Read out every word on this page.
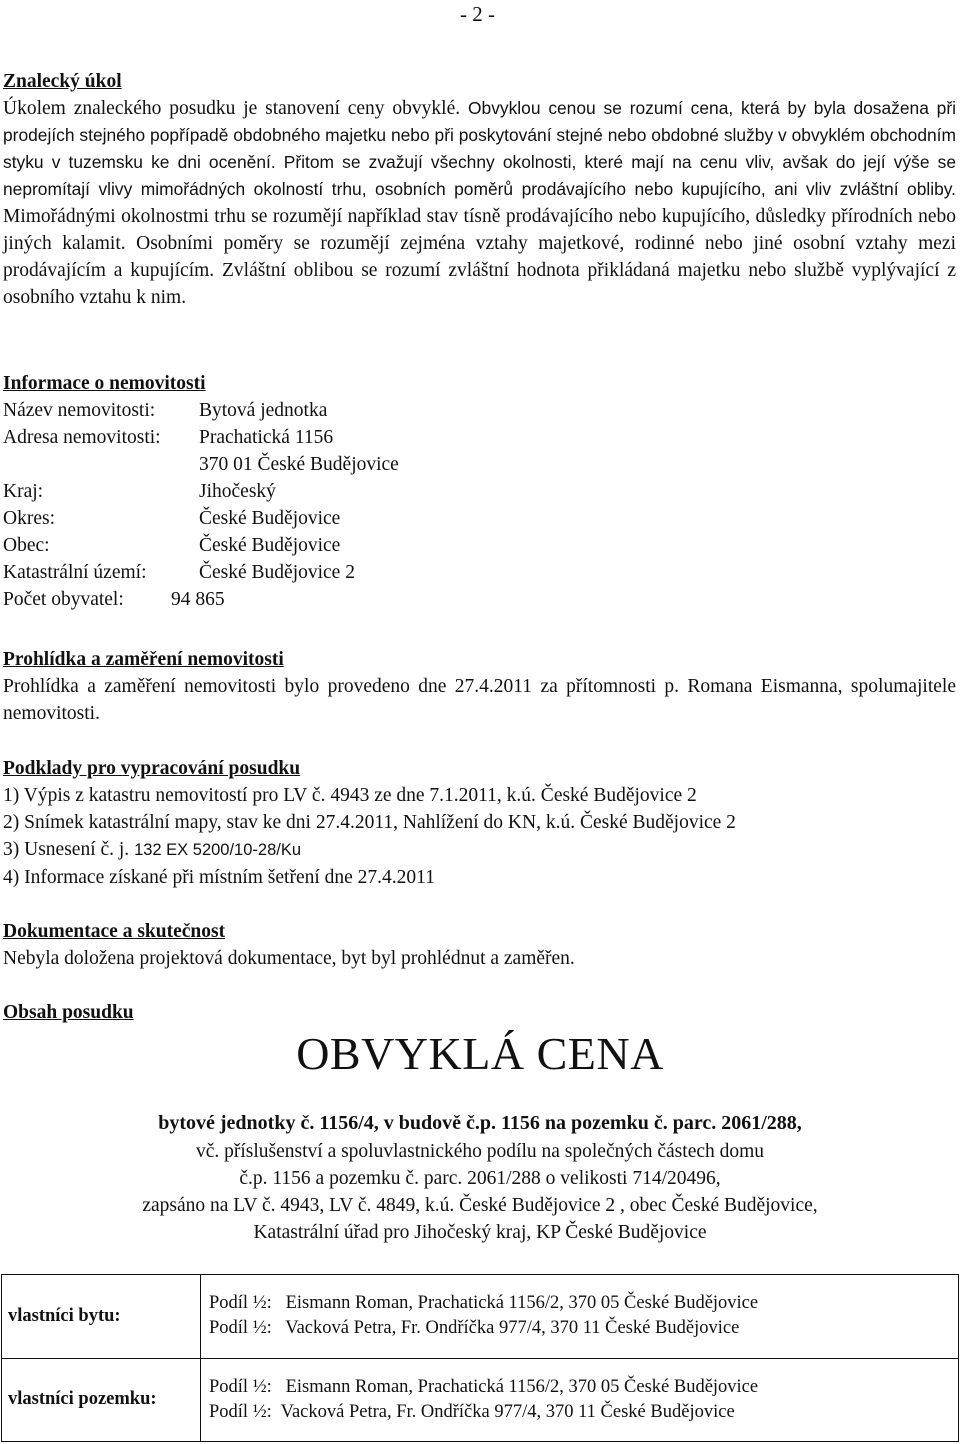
- 2 -
Znalecký úkol

Úkolem znaleckého posudku je stanovení ceny obvyklé. Obvyklou cenou se rozumí cena, která by byla dosažena při prodejích stejného popřípadě obdobného majetku nebo při poskytování stejné nebo obdobné služby v obvyklém obchodním styku v tuzemsku ke dni ocenění. Přitom se zvažují všechny okolnosti, které mají na cenu vliv, avšak do její výše se nepromítají vlivy mimořádných okolností trhu, osobních poměrů prodávajícího nebo kupujícího, ani vliv zvláštní obliby. Mimořádnými okolnostmi trhu se rozumějí například stav tísně prodávajícího nebo kupujícího, důsledky přírodních nebo jiných kalamit. Osobními poměry se rozumějí zejména vztahy majetkové, rodinné nebo jiné osobní vztahy mezi prodávajícím a kupujícím. Zvláštní oblibou se rozumí zvláštní hodnota přikládaná majetku nebo službě vyplývající z osobního vztahu k nim.

Informace o nemovitosti
Název nemovitosti:	Bytová jednotka
Adresa nemovitosti:	Prachatická 1156
370 01 České Budějovice
Kraj:	Jihočeský
Okres:	České Budějovice
Obec:	České Budějovice
Katastrální území:	České Budějovice 2
Počet obyvatel:	94 865
Prohlídka a zaměření nemovitosti

Prohlídka a zaměření nemovitosti bylo provedeno dne 27.4.2011 za přítomnosti p. Romana Eismanna, spolumajitele nemovitosti.

Podklady pro vypracování posudku
1) Výpis z katastru nemovitostí pro LV č. 4943 ze dne 7.1.2011, k.ú. České Budějovice 2
2) Snímek katastrální mapy, stav ke dni 27.4.2011, Nahlížení do KN, k.ú. České Budějovice 2
3) Usnesení č. j. 132 EX 5200/10-28/Ku
4) Informace získané při místním šetření dne 27.4.2011
Dokumentace a skutečnost
Nebyla doložena projektová dokumentace, byt byl prohlédnut a zaměřen.
Obsah posudku
OBVYKLÁ CENA
bytové jednotky č. 1156/4, v budově č.p. 1156 na pozemku č. parc. 2061/288,
vč. příslušenství a spoluvlastnického podílu na společných částech domu
č.p. 1156 a pozemku č. parc. 2061/288 o velikosti 714/20496,
zapsáno na LV č. 4943, LV č. 4849, k.ú. České Budějovice 2 , obec České Budějovice,
Katastrální úřad pro Jihočeský kraj, KP České Budějovice
vlastníci bytu:	Podíl ½: Eismann Roman, Prachatická 1156/2, 370 05 České Budějovice
Podíl ½: Vacková Petra, Fr. Ondříčka 977/4, 370 11 České Budějovice

vlastníci pozemku:	Podíl ½: Eismann Roman, Prachatická 1156/2, 370 05 České Budějovice
Podíl ½: Vacková Petra, Fr. Ondříčka 977/4, 370 11 České Budějovice
